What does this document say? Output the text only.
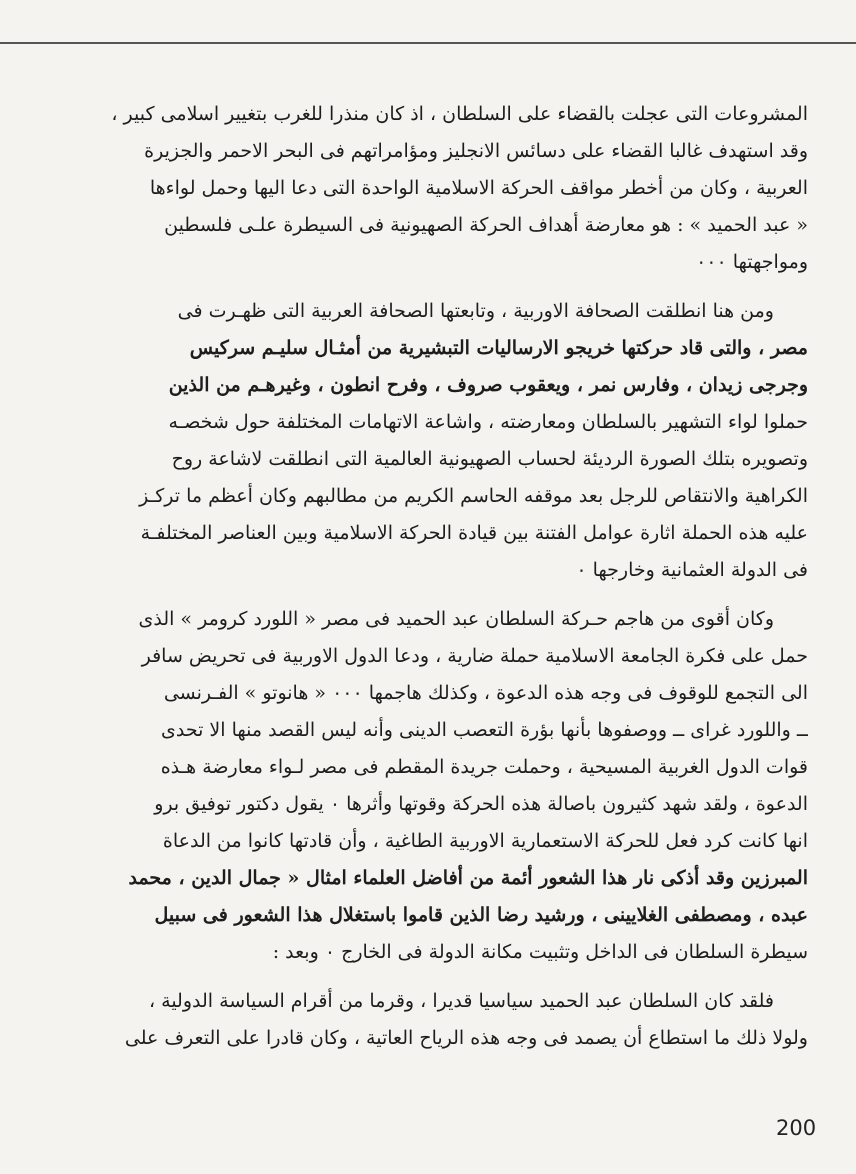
المشروعات التى عجلت بالقضاء على السلطان ، اذ كان منذرا للغرب بتغيير اسلامى كبير ،
وقد استهدف غالبا القضاء على دسائس الانجليز ومؤامراتهم فى البحر الاحمر والجزيرة
العربية ، وكان من أخطر مواقف الحركة الاسلامية الواحدة التى دعا اليها وحمل لواءها
« عبد الحميد » : هو معارضة أهداف الحركة الصهيونية فى السيطرة علـى فلسطين
ومواجهتها ٠٠٠
ومن هنا انطلقت الصحافة الاوربية ، وتابعتها الصحافة العربية التى ظهـرت فى
مصر ، والتى قاد حركتها خريجو الارساليات التبشيرية من أمثـال سليـم سركيس
وجرجى زيدان ، وفارس نمر ، ويعقوب صروف ، وفرح انطون ، وغيرهـم من الذين
حملوا لواء التشهير بالسلطان ومعارضته ، واشاعة الاتهامات المختلفة حول شخصـه
وتصويره بتلك الصورة الرديئة لحساب الصهيونية العالمية التى انطلقت لاشاعة روح
الكراهية والانتقاص للرجل بعد موقفه الحاسم الكريم من مطالبهم وكان أعظم ما تركـز
عليه هذه الحملة اثارة عوامل الفتنة بين قيادة الحركة الاسلامية وبين العناصر المختلفـة
فى الدولة العثمانية وخارجها ٠
وكان أقوى من هاجم حـركة السلطان عبد الحميد فى مصر « اللورد كرومر » الذى
حمل على فكرة الجامعة الاسلامية حملة ضارية ، ودعا الدول الاوربية فى تحريض سافر
الى التجمع للوقوف فى وجه هذه الدعوة ، وكذلك هاجمها ٠٠٠ « هانوتو » الفـرنسى
ــ واللورد غراى ــ ووصفوها بأنها بؤرة التعصب الدينى وأنه ليس القصد منها الا تحدى
قوات الدول الغربية المسيحية ، وحملت جريدة المقطم فى مصر لـواء معارضة هـذه
الدعوة ، ولقد شهد كثيرون باصالة هذه الحركة وقوتها وأثرها ٠ يقول دكتور توفيق برو
انها كانت كرد فعل للحركة الاستعمارية الاوربية الطاغية ، وأن قادتها كانوا من الدعاة
المبرزين وقد أذكى نار هذا الشعور أئمة من أفاضل العلماء امثال « جمال الدين ، محمد
عبده ، ومصطفى الغلايينى ، ورشيد رضا الذين قاموا باستغلال هذا الشعور فى سبيل
سيطرة السلطان فى الداخل وتثبيت مكانة الدولة فى الخارج ٠ وبعد :
فلقد كان السلطان عبد الحميد سياسيا قديرا ، وقرما من أقرام السياسة الدولية ،
ولولا ذلك ما استطاع أن يصمد فى وجه هذه الرياح العاتية ، وكان قادرا على التعرف على
200
